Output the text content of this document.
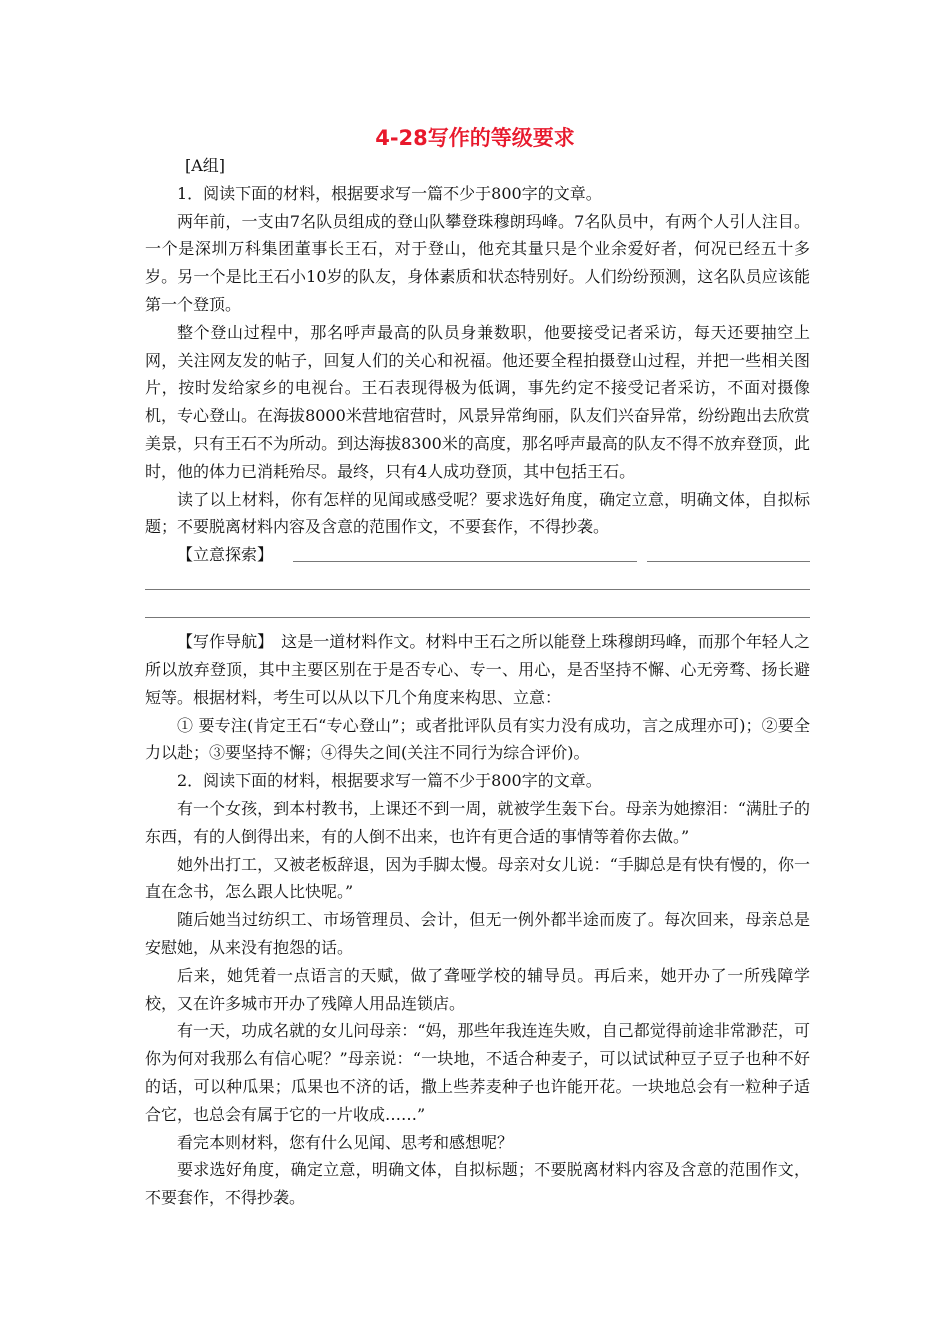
4-28写作的等级要求

[A组]

1．阅读下面的材料，根据要求写一篇不少于800字的文章。

两年前，一支由7名队员组成的登山队攀登珠穆朗玛峰。7名队员中，有两个人引人注目。一个是深圳万科集团董事长王石，对于登山，他充其量只是个业余爱好者，何况已经五十多岁。另一个是比王石小10岁的队友，身体素质和状态特别好。人们纷纷预测，这名队员应该能第一个登顶。

整个登山过程中，那名呼声最高的队员身兼数职，他要接受记者采访，每天还要抽空上网，关注网友发的帖子，回复人们的关心和祝福。他还要全程拍摄登山过程，并把一些相关图片，按时发给家乡的电视台。王石表现得极为低调，事先约定不接受记者采访，不面对摄像机，专心登山。在海拔8000米营地宿营时，风景异常绚丽，队友们兴奋异常，纷纷跑出去欣赏美景，只有王石不为所动。到达海拔8300米的高度，那名呼声最高的队友不得不放弃登顶，此时，他的体力已消耗殆尽。最终，只有4人成功登顶，其中包括王石。

读了以上材料，你有怎样的见闻或感受呢？要求选好角度，确定立意，明确文体，自拟标题；不要脱离材料内容及含意的范围作文，不要套作，不得抄袭。

【立意探索】

【写作导航】　这是一道材料作文。材料中王石之所以能登上珠穆朗玛峰，而那个年轻人之所以放弃登顶，其中主要区别在于是否专心、专一、用心，是否坚持不懈、心无旁骛、扬长避短等。根据材料，考生可以从以下几个角度来构思、立意：

① 要专注(肯定王石“专心登山”；或者批评队员有实力没有成功，言之成理亦可)；②要全力以赴；③要坚持不懈；④得失之间(关注不同行为综合评价)。

2．阅读下面的材料，根据要求写一篇不少于800字的文章。

有一个女孩，到本村教书，上课还不到一周，就被学生轰下台。母亲为她擦泪：“满肚子的东西，有的人倒得出来，有的人倒不出来，也许有更合适的事情等着你去做。”

她外出打工，又被老板辞退，因为手脚太慢。母亲对女儿说：“手脚总是有快有慢的，你一直在念书，怎么跟人比快呢。”

随后她当过纺织工、市场管理员、会计，但无一例外都半途而废了。每次回来，母亲总是安慰她，从来没有抱怨的话。

后来，她凭着一点语言的天赋，做了聋哑学校的辅导员。再后来，她开办了一所残障学校，又在许多城市开办了残障人用品连锁店。

有一天，功成名就的女儿问母亲：“妈，那些年我连连失败，自己都觉得前途非常渺茫，可你为何对我那么有信心呢？”母亲说：“一块地，不适合种麦子，可以试试种豆子豆子也种不好的话，可以种瓜果；瓜果也不济的话，撒上些荞麦种子也许能开花。一块地总会有一粒种子适合它，也总会有属于它的一片收成……”

看完本则材料，您有什么见闻、思考和感想呢？

要求选好角度，确定立意，明确文体，自拟标题；不要脱离材料内容及含意的范围作文，不要套作，不得抄袭。
